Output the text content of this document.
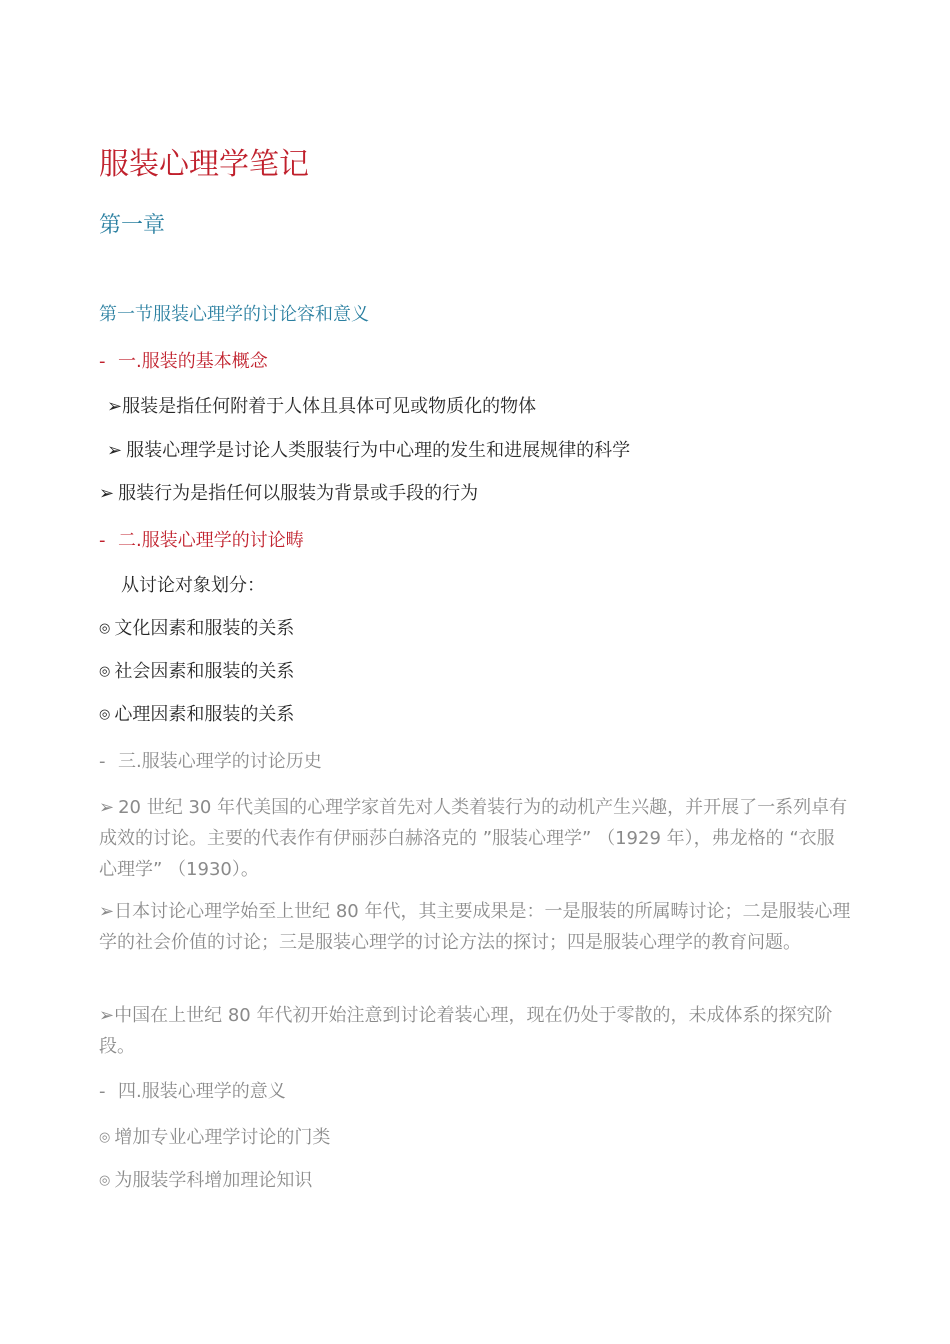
服装心理学笔记
第一章
第一节服装心理学的讨论容和意义
- 一.服装的基本概念
➢服装是指任何附着于人体且具体可见或物质化的物体
➢ 服装心理学是讨论人类服装行为中心理的发生和进展规律的科学
➢ 服装行为是指任何以服装为背景或手段的行为
- 二.服装心理学的讨论畴
从讨论对象划分：
◎ 文化因素和服装的关系
◎ 社会因素和服装的关系
◎ 心理因素和服装的关系
- 三.服装心理学的讨论历史
➢ 20 世纪 30 年代美国的心理学家首先对人类着装行为的动机产生兴趣，并开展了一系列卓有成效的讨论。主要的代表作有伊丽莎白赫洛克的 ”服装心理学” （1929 年），弗龙格的 “衣服心理学” （1930）。
➢日本讨论心理学始至上世纪 80 年代，其主要成果是：一是服装的所属畴讨论；二是服装心理学的社会价值的讨论；三是服装心理学的讨论方法的探讨；四是服装心理学的教育问题。
➢中国在上世纪 80 年代初开始注意到讨论着装心理，现在仍处于零散的，未成体系的探究阶段。
- 四.服装心理学的意义
◎ 增加专业心理学讨论的门类
◎ 为服装学科增加理论知识
